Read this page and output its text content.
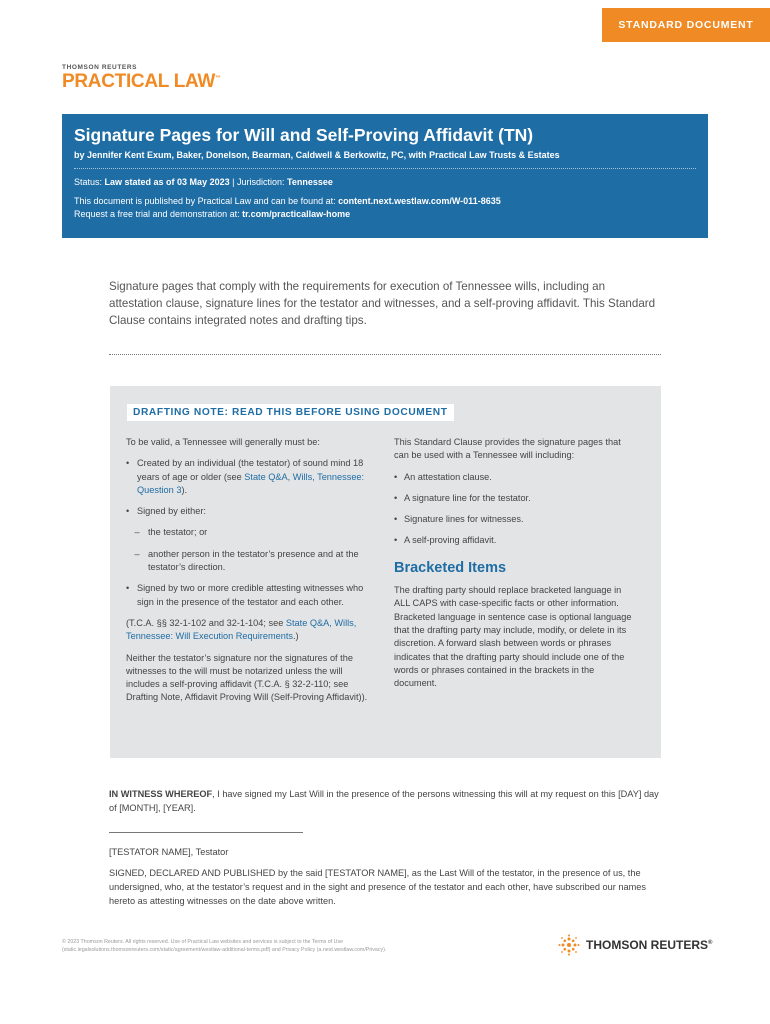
STANDARD DOCUMENT
THOMSON REUTERS
PRACTICAL LAW™
Signature Pages for Will and Self-Proving Affidavit (TN)
by Jennifer Kent Exum, Baker, Donelson, Bearman, Caldwell & Berkowitz, PC, with Practical Law Trusts & Estates
Status: Law stated as of 03 May 2023 | Jurisdiction: Tennessee
This document is published by Practical Law and can be found at: content.next.westlaw.com/W-011-8635
Request a free trial and demonstration at: tr.com/practicallaw-home
Signature pages that comply with the requirements for execution of Tennessee wills, including an attestation clause, signature lines for the testator and witnesses, and a self-proving affidavit. This Standard Clause contains integrated notes and drafting tips.
DRAFTING NOTE: READ THIS BEFORE USING DOCUMENT
To be valid, a Tennessee will generally must be:
• Created by an individual (the testator) of sound mind 18 years of age or older (see State Q&A, Wills, Tennessee: Question 3).
• Signed by either:
– the testator; or
– another person in the testator’s presence and at the testator’s direction.
• Signed by two or more credible attesting witnesses who sign in the presence of the testator and each other.
(T.C.A. §§ 32-1-102 and 32-1-104; see State Q&A, Wills, Tennessee: Will Execution Requirements.)
Neither the testator’s signature nor the signatures of the witnesses to the will must be notarized unless the will includes a self-proving affidavit (T.C.A. § 32-2-110; see Drafting Note, Affidavit Proving Will (Self-Proving Affidavit)).
This Standard Clause provides the signature pages that can be used with a Tennessee will including:
• An attestation clause.
• A signature line for the testator.
• Signature lines for witnesses.
• A self-proving affidavit.
Bracketed Items
The drafting party should replace bracketed language in ALL CAPS with case-specific facts or other information. Bracketed language in sentence case is optional language that the drafting party may include, modify, or delete in its discretion. A forward slash between words or phrases indicates that the drafting party should include one of the words or phrases contained in the brackets in the document.
IN WITNESS WHEREOF, I have signed my Last Will in the presence of the persons witnessing this will at my request on this [DAY] day of [MONTH], [YEAR].
[TESTATOR NAME], Testator
SIGNED, DECLARED AND PUBLISHED by the said [TESTATOR NAME], as the Last Will of the testator, in the presence of us, the undersigned, who, at the testator’s request and in the sight and presence of the testator and each other, have subscribed our names hereto as attesting witnesses on the date above written.
© 2023 Thomson Reuters. All rights reserved. Use of Practical Law websites and services is subject to the Terms of Use (static.legalsolutions.thomsonreuters.com/static/agreement/westlaw-additional-terms.pdf) and Privacy Policy (a.next.westlaw.com/Privacy).	THOMSON REUTERS®
